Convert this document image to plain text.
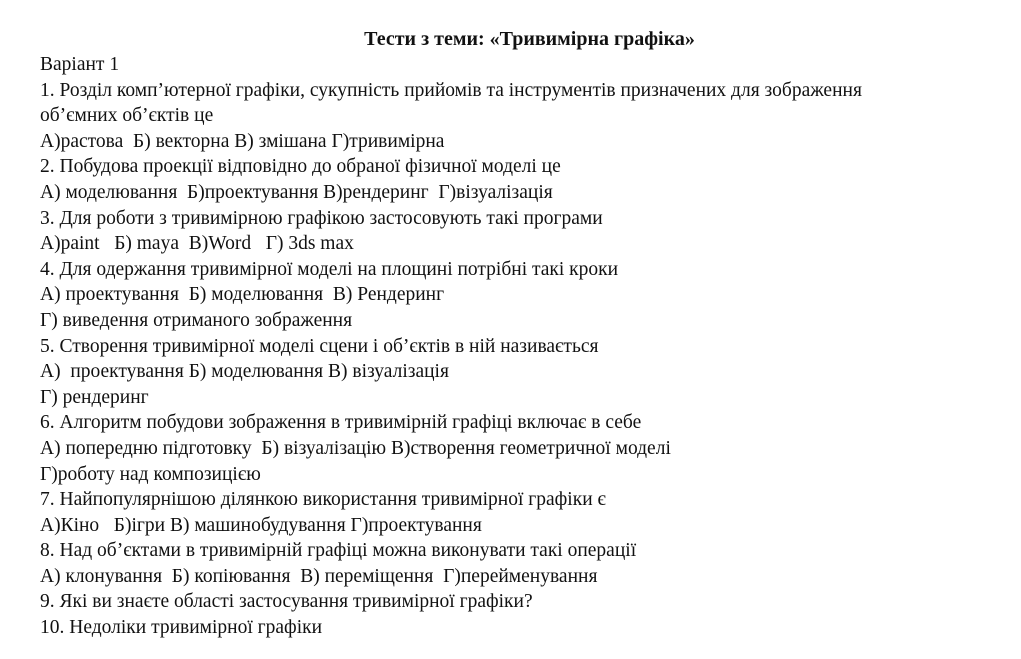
Тести з теми: «Тривимірна графіка»

Варіант 1

1. Розділ комп’ютерної графіки, сукупність прийомів та інструментів призначених для зображення

об’ємних об’єктів це

А)растова  Б) векторна В) змішана Г)тривимірна

2. Побудова проекції відповідно до обраної фізичної моделі це

А) моделювання  Б)проектування В)рендеринг  Г)візуалізація

3. Для роботи з тривимірною графікою застосовують такі програми

А)paint   Б) maya  В)Word   Г) 3ds max

4. Для одержання тривимірної моделі на площині потрібні такі кроки

А) проектування  Б) моделювання  В) Рендеринг

Г) виведення отриманого зображення

5. Створення тривимірної моделі сцени і об’єктів в ній називається

А)  проектування Б) моделювання В) візуалізація

Г) рендеринг

6. Алгоритм побудови зображення в тривимірній графіці включає в себе

А) попередню підготовку  Б) візуалізацію В)створення геометричної моделі

Г)роботу над композицією

7. Найпопулярнішою ділянкою використання тривимірної графіки є

А)Кіно   Б)ігри В) машинобудування Г)проектування

8. Над об’єктами в тривимірній графіці можна виконувати такі операції

А) клонування  Б) копіювання  В) переміщення  Г)перейменування

9. Які ви знаєте області застосування тривимірної графіки?

10. Недоліки тривимірної графіки
